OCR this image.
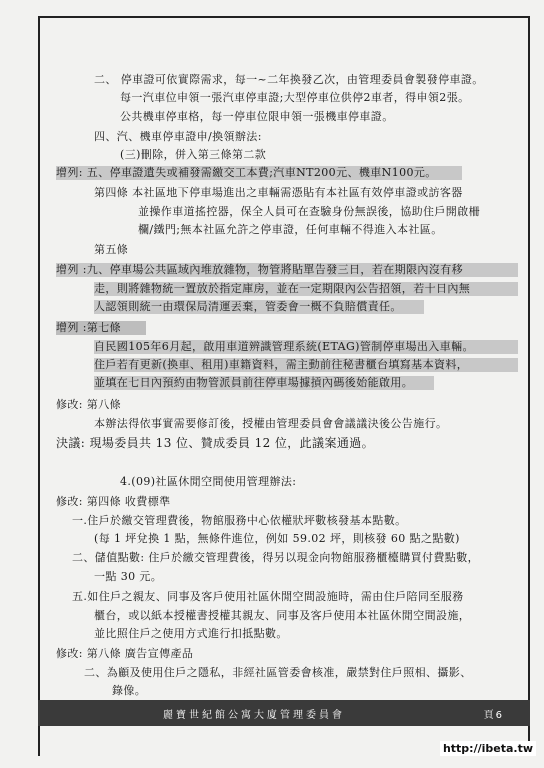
二、 停車證可依實際需求，每一~二年換發乙次，由管理委員會製發停車證。
每一汽車位申領一張汽車停車證;大型停車位供停2車者，得申領2張。
公共機車停車格，每一停車位限申領一張機車停車證。
四、汽、機車停車證申/換領辦法:
(三)刪除，併入第三條第二款
增列: 五、停車證遺失或補發需繳交工本費;汽車NT200元、機車N100元。
第四條 本社區地下停車場進出之車輛需憑貼有本社區有效停車證或訪客器
並操作車道搖控器，保全人員可在查驗身份無誤後，協助住戶開啟柵
欄/鐵門;無本社區允許之停車證，任何車輛不得進入本社區。
第五條
增列 :九、停車場公共區域內堆放雜物，物管將貼單告發三日，若在期限內沒有移
走，則將雜物統一置放於指定庫房，並在一定期限內公告招領，若十日內無
人認領則統一由環保局清運丟棄，管委會一概不負賠償責任。
增列 :第七條
自民國105年6月起，啟用車道辨識管理系統(ETAG)管制停車場出入車輛。
住戶若有更新(換車、租用)車籍資料，需主動前往秘書櫃台填寫基本資料，
並填在七日內預約由物管派員前往停車場據摃內碼後始能啟用。
修改: 第八條
本辦法得依事實需要修訂後，授權由管理委員會會議議決後公告施行。
決議: 現場委員共 13 位、贊成委員 12 位，此議案通過。
4.(09)社區休閒空間使用管理辦法:
修改: 第四條 收費標準
一.住戶於繳交管理費後，物館服務中心依權狀坪數核發基本點數。
(每 1 坪兌換 1 點，無條件進位，例如 59.02 坪，則核發 60 點之點數)
二、儲值點數: 住戶於繳交管理費後，得另以現金向物館服務櫃檯購買付費點數，
一點 30 元。
五.如住戶之親友、同事及客戶使用社區休閒空間設施時，需由住戶陪同至服務
櫃台，或以紙本授權書授權其親友、同事及客戶使用本社區休閒空間設施，
並比照住戶之使用方式進行扣抵點數。
修改: 第八條 廣告宣傳產品
二、為顧及使用住戶之隱私，非經社區管委會核准，嚴禁對住戶照相、攝影、
錄像。
麗寶世紀館公寓大廈管理委員會	頁6
http://ibeta.tw
